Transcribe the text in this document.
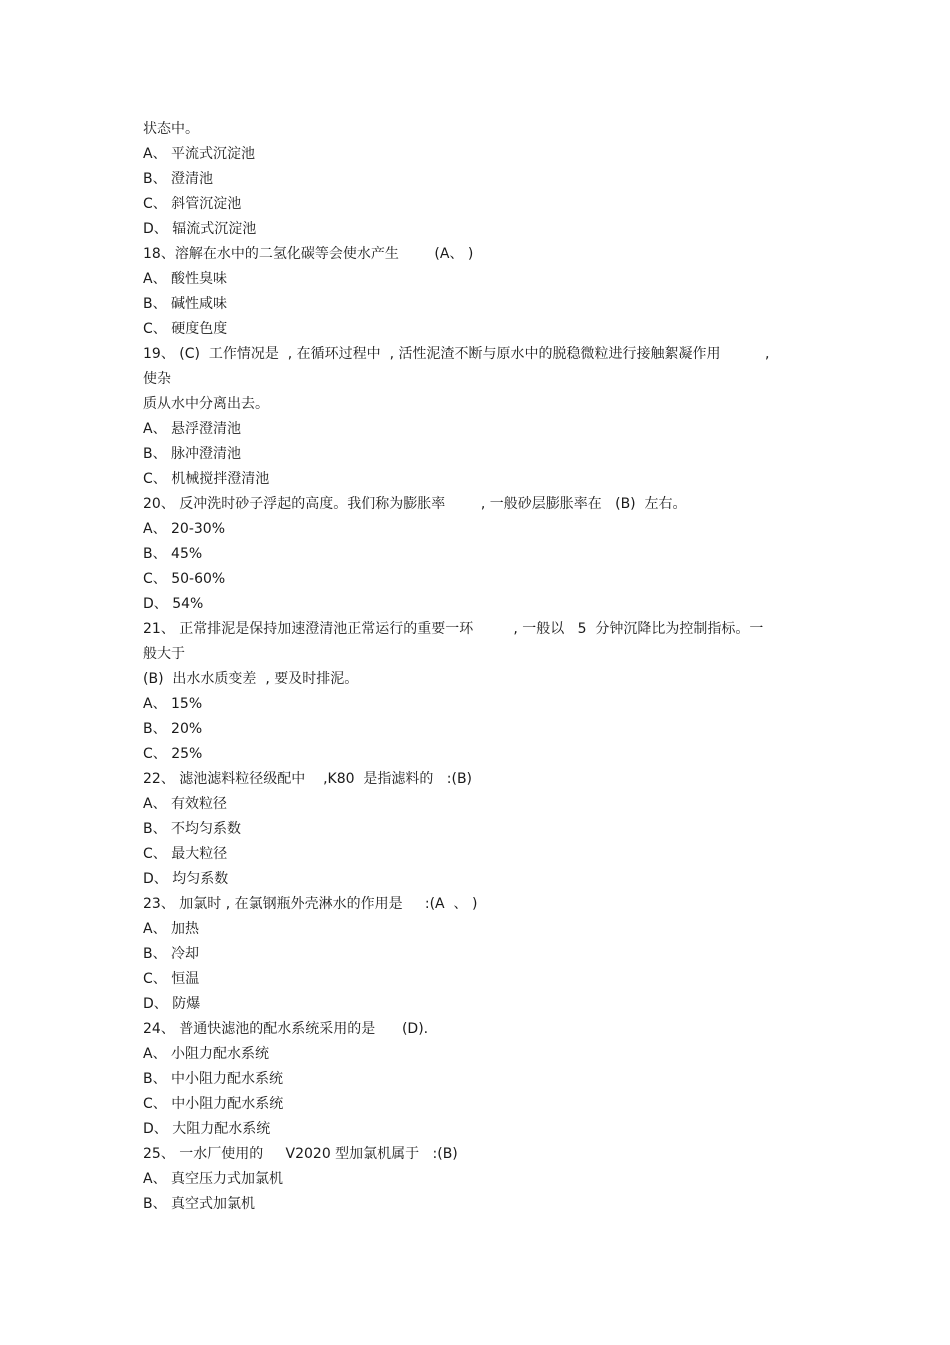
状态中。
A、 平流式沉淀池
B、 澄清池
C、 斜管沉淀池
D、 辐流式沉淀池
18、溶解在水中的二氢化碳等会使水产生        (A、 )
A、 酸性臭味
B、 碱性咸味
C、 硬度色度
19、 (C)  工作情况是  , 在循环过程中  , 活性泥渣不断与原水中的脱稳微粒进行接触絮凝作用          ,
使杂
质从水中分离出去。
A、 悬浮澄清池
B、 脉冲澄清池
C、 机械搅拌澄清池
20、 反冲洗时砂子浮起的高度。我们称为膨胀率        , 一般砂层膨胀率在   (B)  左右。
A、 20-30%
B、 45%
C、 50-60%
D、 54%
21、 正常排泥是保持加速澄清池正常运行的重要一环         , 一般以   5  分钟沉降比为控制指标。一
般大于
(B)  出水水质变差  , 要及时排泥。
A、 15%
B、 20%
C、 25%
22、 滤池滤料粒径级配中    ,K80  是指滤料的   :(B)
A、 有效粒径
B、 不均匀系数
C、 最大粒径
D、 均匀系数
23、 加氯时 , 在氯钢瓶外壳淋水的作用是     :(A  、 )
A、 加热
B、 冷却
C、 恒温
D、 防爆
24、 普通快滤池的配水系统采用的是      (D).
A、 小阻力配水系统
B、 中小阻力配水系统
C、 中小阻力配水系统
D、 大阻力配水系统
25、 一水厂使用的     V2020 型加氯机属于   :(B)
A、 真空压力式加氯机
B、 真空式加氯机
